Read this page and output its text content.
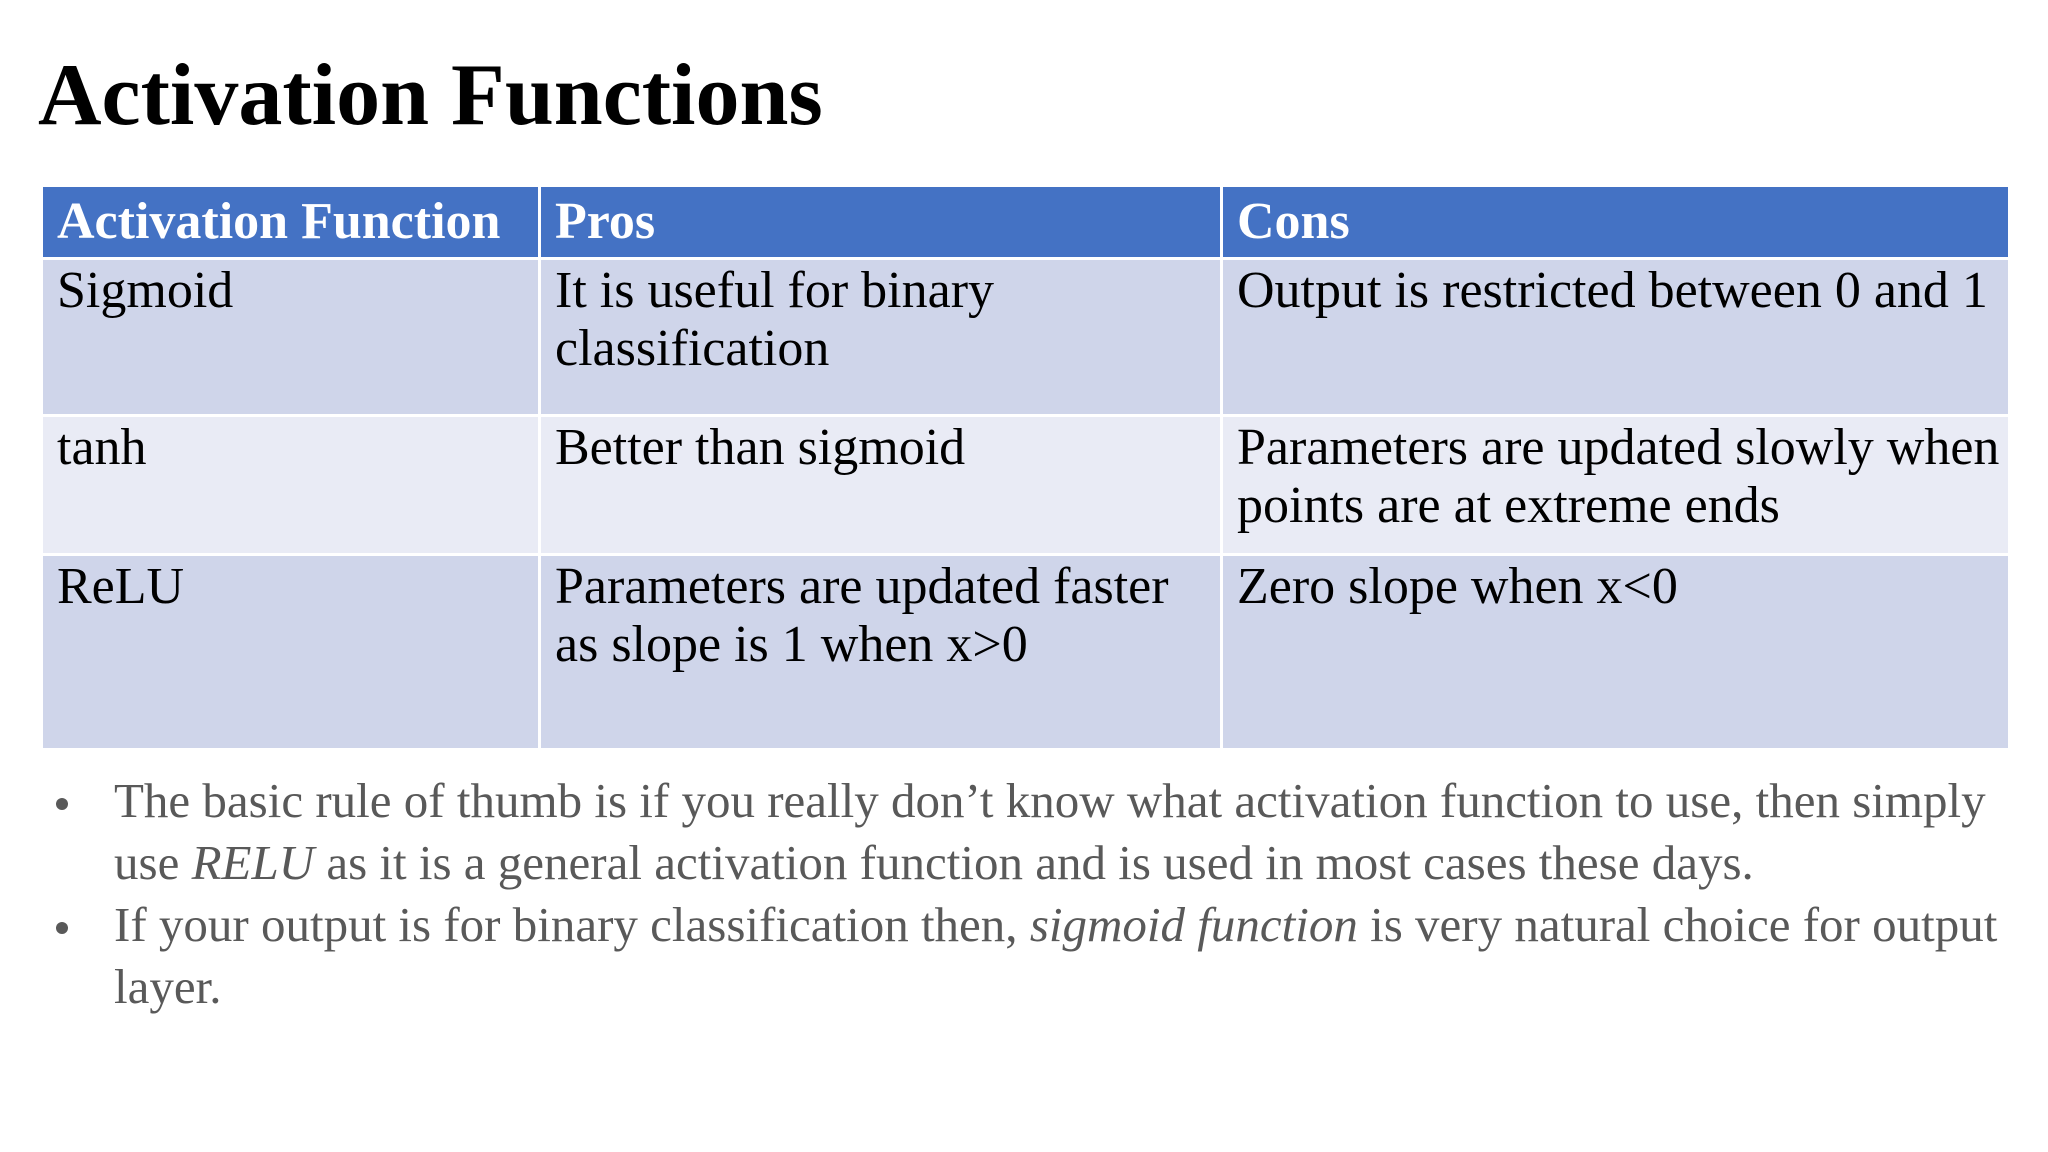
Activation Functions
Activation Function	Pros	Cons
Sigmoid	It is useful for binary classification	Output is restricted between 0 and 1
tanh	Better than sigmoid	Parameters are updated slowly when points are at extreme ends
ReLU	Parameters are updated faster as slope is 1 when x>0	Zero slope when x<0
The basic rule of thumb is if you really don’t know what activation function to use, then simply use RELU as it is a general activation function and is used in most cases these days.
If your output is for binary classification then, sigmoid function is very natural choice for output layer.
